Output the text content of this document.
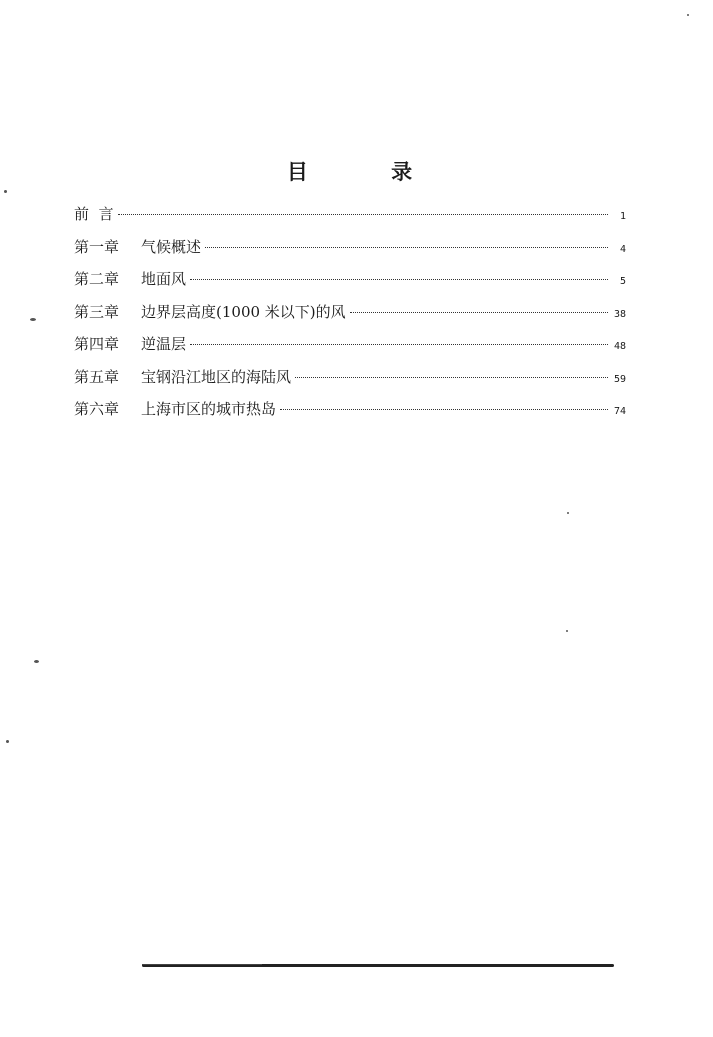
目 录
前  言	1
第一章 气候概述	4
第二章 地面风	5
第三章 边界层高度(1000 米以下)的风	38
第四章 逆温层	48
第五章 宝钢沿江地区的海陆风	59
第六章 上海市区的城市热岛	74
